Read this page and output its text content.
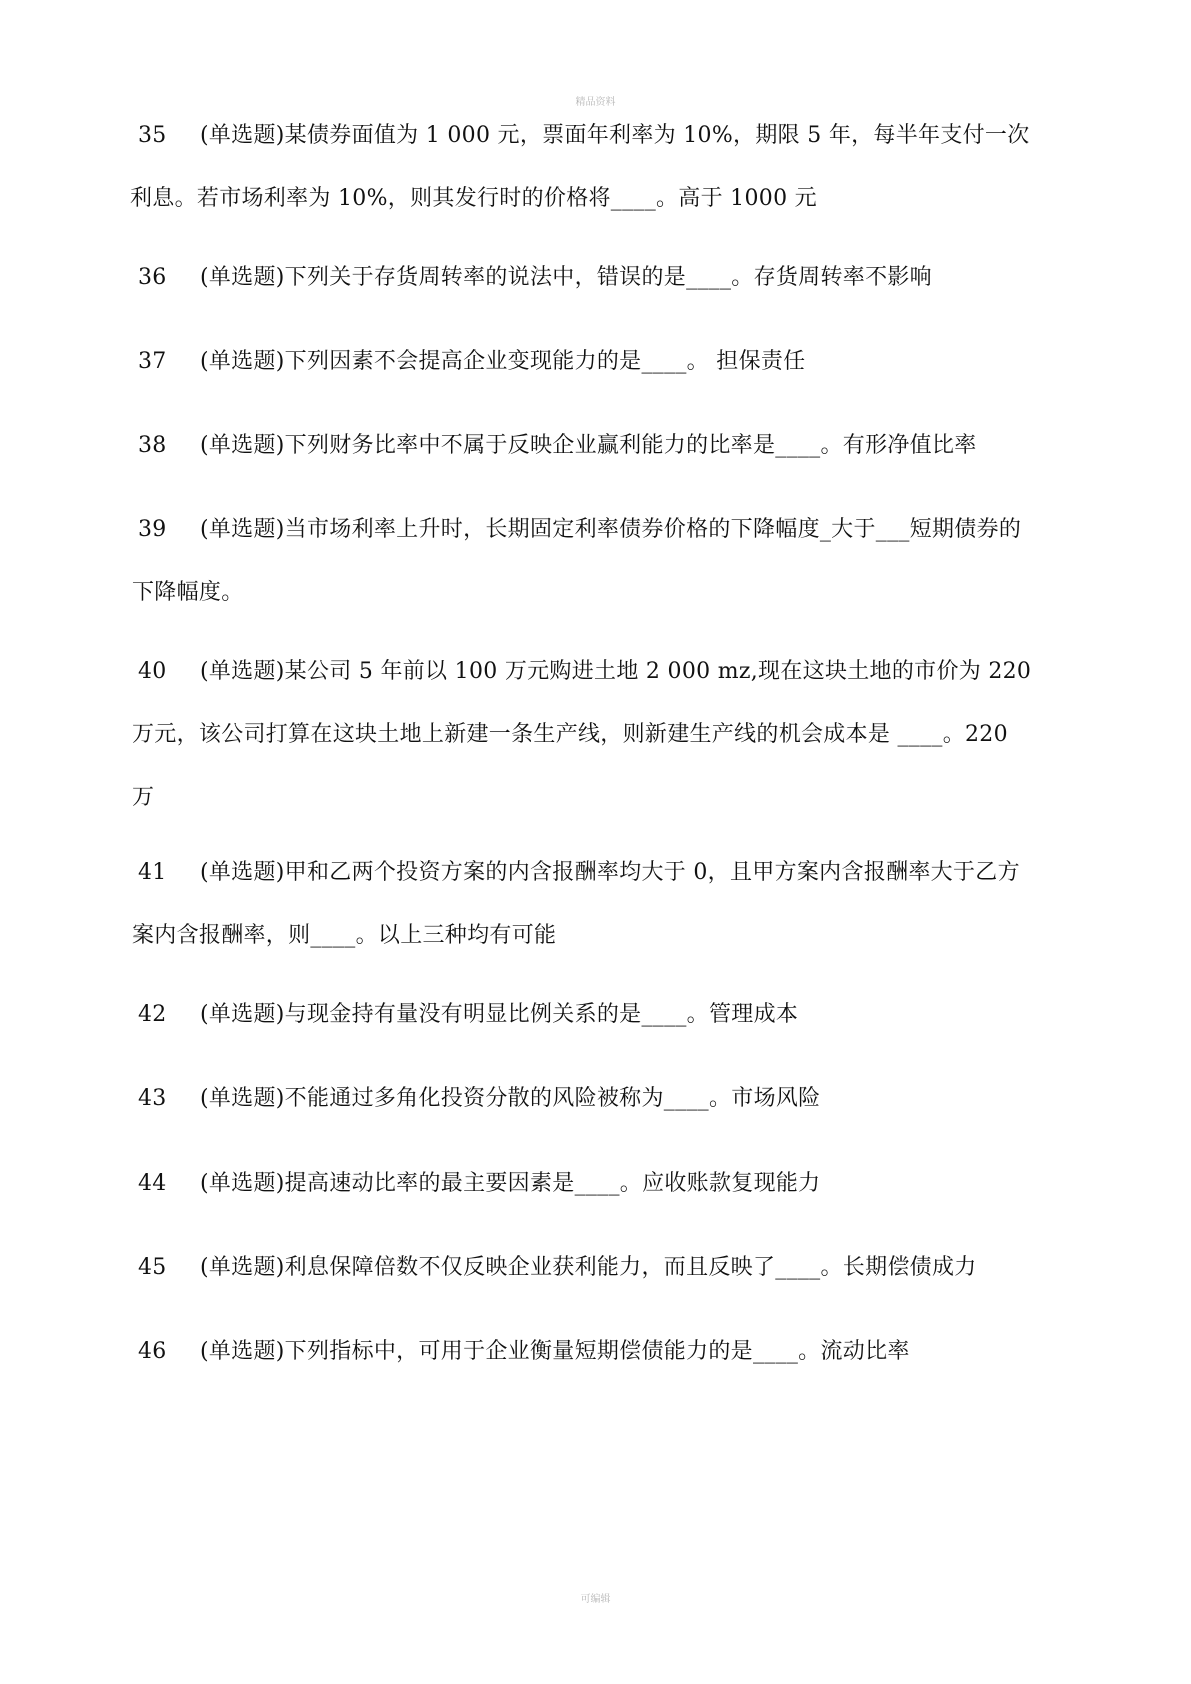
精品资料
35 (单选题)某债券面值为 1 000 元，票面年利率为 10%，期限 5 年，每半年支付一次
利息。若市场利率为 10%，则其发行时的价格将____。高于 1000 元
36 (单选题)下列关于存货周转率的说法中，错误的是____。存货周转率不影响
37 (单选题)下列因素不会提高企业变现能力的是____。 担保责任
38 (单选题)下列财务比率中不属于反映企业赢利能力的比率是____。有形净值比率
39 (单选题)当市场利率上升时，长期固定利率债券价格的下降幅度_大于___短期债券的
下降幅度。
40 (单选题)某公司 5 年前以 100 万元购进土地 2 000 mz,现在这块土地的市价为 220
万元，该公司打算在这块土地上新建一条生产线，则新建生产线的机会成本是 ____。220
万
41 (单选题)甲和乙两个投资方案的内含报酬率均大于 0，且甲方案内含报酬率大于乙方
案内含报酬率，则____。以上三种均有可能
42 (单选题)与现金持有量没有明显比例关系的是____。管理成本
43 (单选题)不能通过多角化投资分散的风险被称为____。市场风险
44 (单选题)提高速动比率的最主要因素是____。应收账款复现能力
45 (单选题)利息保障倍数不仅反映企业获利能力，而且反映了____。长期偿债成力
46 (单选题)下列指标中，可用于企业衡量短期偿债能力的是____。流动比率
可编辑
